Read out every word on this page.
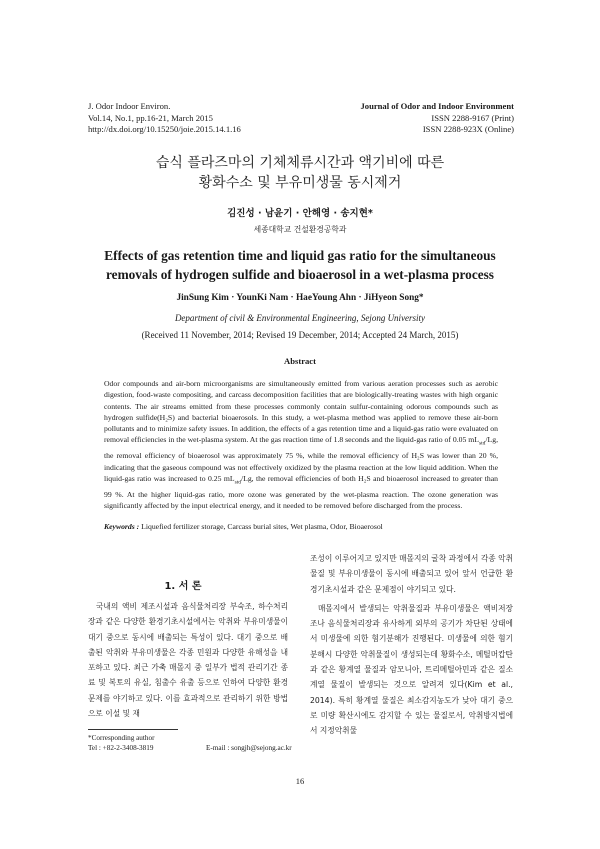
J. Odor Indoor Environ.
Vol.14, No.1, pp.16-21, March 2015
http://dx.doi.org/10.15250/joie.2015.14.1.16
Journal of Odor and Indoor Environment
ISSN 2288-9167 (Print)
ISSN 2288-923X (Online)
습식 플라즈마의 기체체류시간과 액기비에 따른
황화수소 및 부유미생물 동시제거
김진성 · 남윤기 · 안해영 · 송지현*
세종대학교 건설환경공학과
Effects of gas retention time and liquid gas ratio for the simultaneous
removals of hydrogen sulfide and bioaerosol in a wet-plasma process
JinSung Kim · YounKi Nam · HaeYoung Ahn · JiHyeon Song*
Department of civil & Environmental Engineering, Sejong University
(Received 11 November, 2014; Revised 19 December, 2014; Accepted 24 March, 2015)
Abstract
Odor compounds and air-born microorganisms are simultaneously emitted from various aeration processes such as aerobic digestion, food-waste compositing, and carcass decomposition facilities that are biologically-treating wastes with high organic contents. The air streams emitted from these processes commonly contain sulfur-containing odorous compounds such as hydrogen sulfide(H₂S) and bacterial bioaerosols. In this study, a wet-plasma method was applied to remove these air-born pollutants and to minimize safety issues. In addition, the effects of a gas retention time and a liquid-gas ratio were evaluated on removal efficiencies in the wet-plasma system. At the gas reaction time of 1.8 seconds and the liquid-gas ratio of 0.05 $mL_{std}/Lg$, the removal efficiency of bioaerosol was approximately 75 %, while the removal efficiency of H₂S was lower than 20 %, indicating that the gaseous compound was not effectively oxidized by the plasma reaction at the low liquid addition. When the liquid-gas ratio was increased to 0.25 $mL_{std}/Lg$, the removal efficiencies of both H₂S and bioaerosol increased to greater than 99 %. At the higher liquid-gas ratio, more ozone was generated by the wet-plasma reaction. The ozone generation was significantly affected by the input electrical energy, and it needed to be removed before discharged from the process.
Keywords : Liquefied fertilizer storage, Carcass burial sites, Wet plasma, Odor, Bioaerosol
1. 서 론

국내의 액비 제조시설과 음식물처리장 부숙조, 하수처리장과 같은 다양한 환경기초시설에서는 악취와 부유미생물이 대기 중으로 동시에 배출되는 특성이 있다. 대기 중으로 배출된 악취와 부유미생물은 각종 민원과 다양한 유해성을 내포하고 있다. 최근 가축 매몰지 중 일부가 법적 관리기간 종료 및 복토의 유실, 침출수 유출 등으로 인하여 다양한 환경문제를 야기하고 있다. 이를 효과적으로 관리하기 위한 방법으로 이설 및 재

조성이 이루어지고 있지만 매몰지의 굴착 과정에서 각종 악취물질 및 부유미생물이 동시에 배출되고 있어 앞서 언급한 환경기초시설과 같은 문제점이 야기되고 있다.

매몰지에서 발생되는 악취물질과 부유미생물은 액비저장조나 음식물처리장과 유사하게 외부의 공기가 차단된 상태에서 미생물에 의한 혐기분해가 진행된다. 미생물에 의한 혐기 분해시 다양한 악취물질이 생성되는데 황화수소, 메틸머캅탄과 같은 황계열 물질과 암모니아, 트리메틸아민과 같은 질소계열 물질이 발생되는 것으로 알려져 있다(Kim et al., 2014). 특히 황계열 물질은 최소감지농도가 낮아 대기 중으로 미량 확산시에도 감지할 수 있는 물질로서, 악취방지법에서 지정악취물

*Corresponding author
Tel : +82-2-3408-3819	E-mail : songjh@sejong.ac.kr
16
